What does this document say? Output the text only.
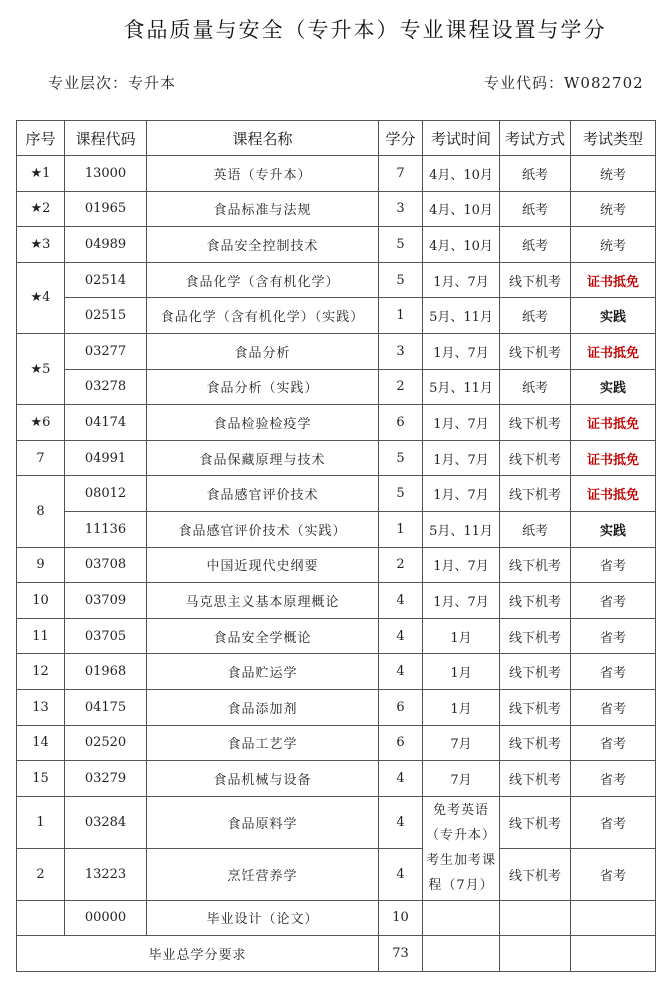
食品质量与安全（专升本）专业课程设置与学分
专业层次：专升本	专业代码：W082702
序号	课程代码	课程名称	学分	考试时间	考试方式	考试类型
★1	13000	英语（专升本）	7	4月、10月	纸考	统考
★2	01965	食品标准与法规	3	4月、10月	纸考	统考
★3	04989	食品安全控制技术	5	4月、10月	纸考	统考
★4	02514	食品化学（含有机化学）	5	1月、7月	线下机考	证书抵免
	02515	食品化学（含有机化学）（实践）	1	5月、11月	纸考	实践
★5	03277	食品分析	3	1月、7月	线下机考	证书抵免
	03278	食品分析（实践）	2	5月、11月	纸考	实践
★6	04174	食品检验检疫学	6	1月、7月	线下机考	证书抵免
7	04991	食品保藏原理与技术	5	1月、7月	线下机考	证书抵免
8	08012	食品感官评价技术	5	1月、7月	线下机考	证书抵免
	11136	食品感官评价技术（实践）	1	5月、11月	纸考	实践
9	03708	中国近现代史纲要	2	1月、7月	线下机考	省考
10	03709	马克思主义基本原理概论	4	1月、7月	线下机考	省考
11	03705	食品安全学概论	4	1月	线下机考	省考
12	01968	食品贮运学	4	1月	线下机考	省考
13	04175	食品添加剂	6	1月	线下机考	省考
14	02520	食品工艺学	6	7月	线下机考	省考
15	03279	食品机械与设备	4	7月	线下机考	省考
1	03284	食品原料学	4	免考英语（专升本）考生加考课程（7月）	线下机考	省考
2	13223	烹饪营养学	4		线下机考	省考
	00000	毕业设计（论文）	10			
毕业总学分要求			73			
